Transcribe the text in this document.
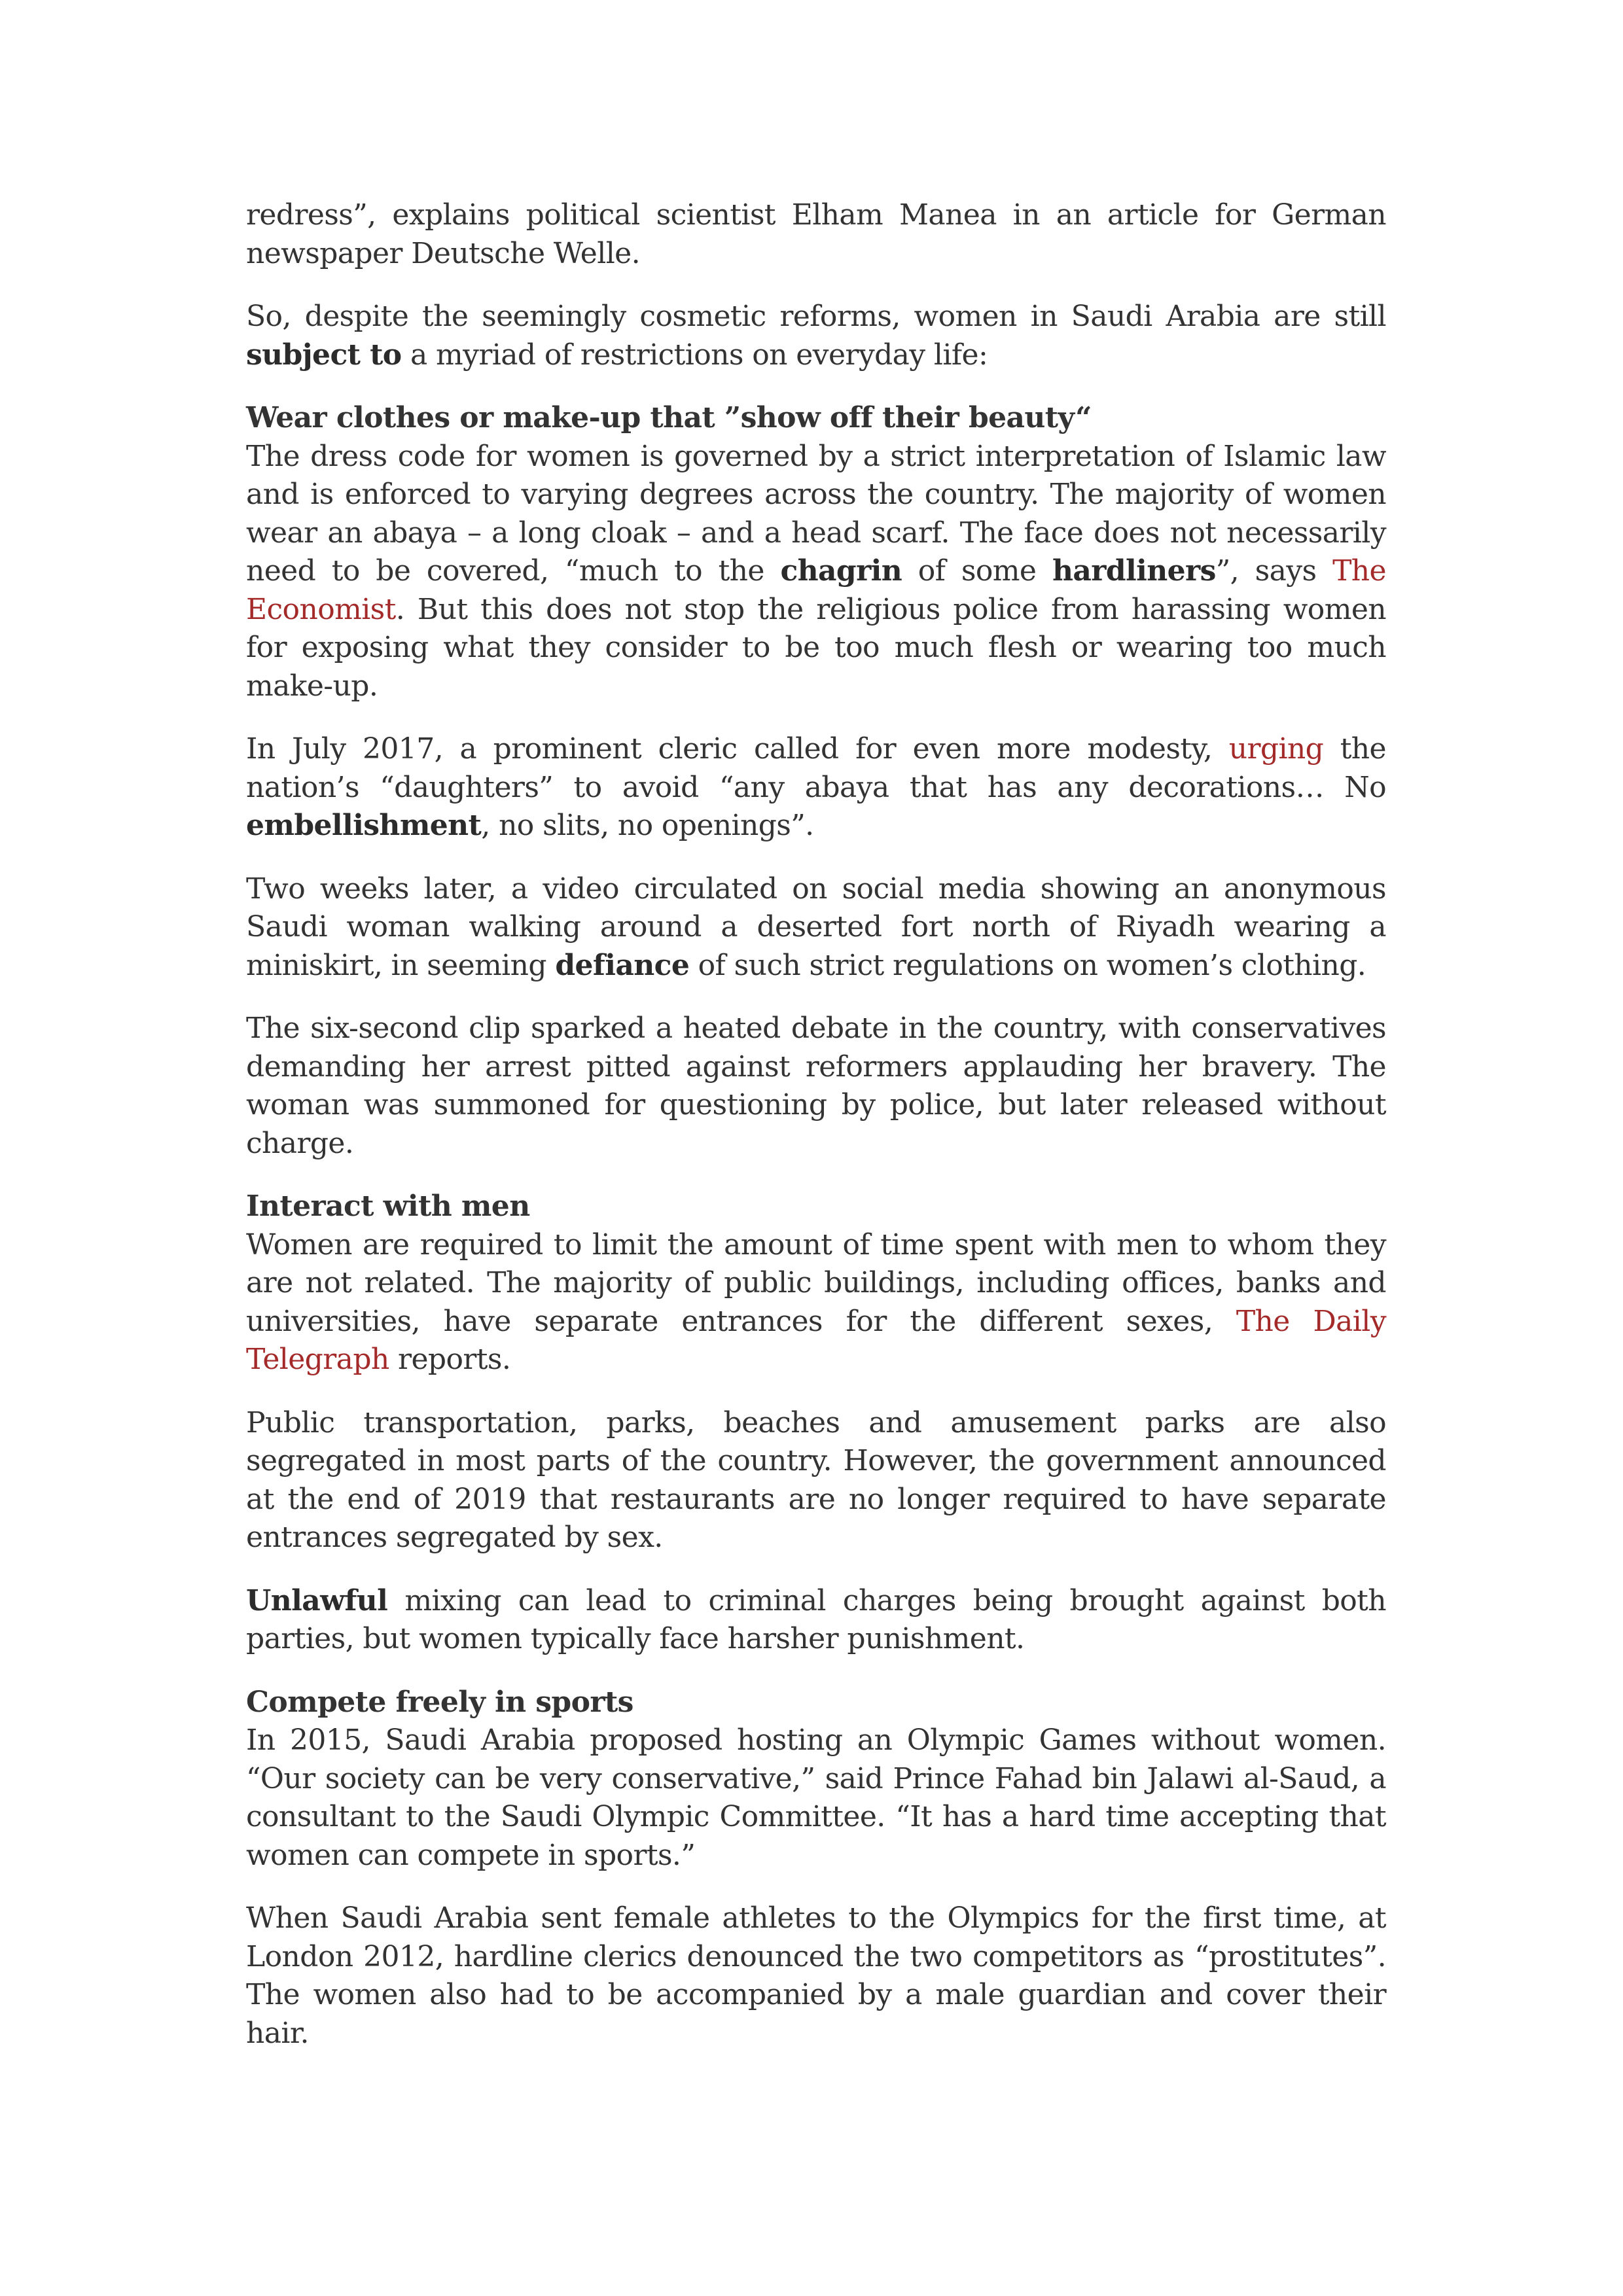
redress”, explains political scientist Elham Manea in an article for German newspaper Deutsche Welle.

So, despite the seemingly cosmetic reforms, women in Saudi Arabia are still subject to a myriad of restrictions on everyday life:

Wear clothes or make-up that ”show off their beauty“

The dress code for women is governed by a strict interpretation of Islamic law and is enforced to varying degrees across the country. The majority of women wear an abaya – a long cloak – and a head scarf. The face does not necessarily need to be covered, “much to the chagrin of some hardliners”, says The Economist. But this does not stop the religious police from harassing women for exposing what they consider to be too much flesh or wearing too much make-up.

In July 2017, a prominent cleric called for even more modesty, urging the nation’s “daughters” to avoid “any abaya that has any decorations… No embellishment, no slits, no openings”.

Two weeks later, a video circulated on social media showing an anonymous Saudi woman walking around a deserted fort north of Riyadh wearing a miniskirt, in seeming defiance of such strict regulations on women’s clothing.

The six-second clip sparked a heated debate in the country, with conservatives demanding her arrest pitted against reformers applauding her bravery. The woman was summoned for questioning by police, but later released without charge.

Interact with men

Women are required to limit the amount of time spent with men to whom they are not related. The majority of public buildings, including offices, banks and universities, have separate entrances for the different sexes, The Daily Telegraph reports.

Public transportation, parks, beaches and amusement parks are also segregated in most parts of the country. However, the government announced at the end of 2019 that restaurants are no longer required to have separate entrances segregated by sex.

Unlawful mixing can lead to criminal charges being brought against both parties, but women typically face harsher punishment.

Compete freely in sports

In 2015, Saudi Arabia proposed hosting an Olympic Games without women. “Our society can be very conservative,” said Prince Fahad bin Jalawi al-Saud, a consultant to the Saudi Olympic Committee. “It has a hard time accepting that women can compete in sports.”

When Saudi Arabia sent female athletes to the Olympics for the first time, at London 2012, hardline clerics denounced the two competitors as “prostitutes”. The women also had to be accompanied by a male guardian and cover their hair.
